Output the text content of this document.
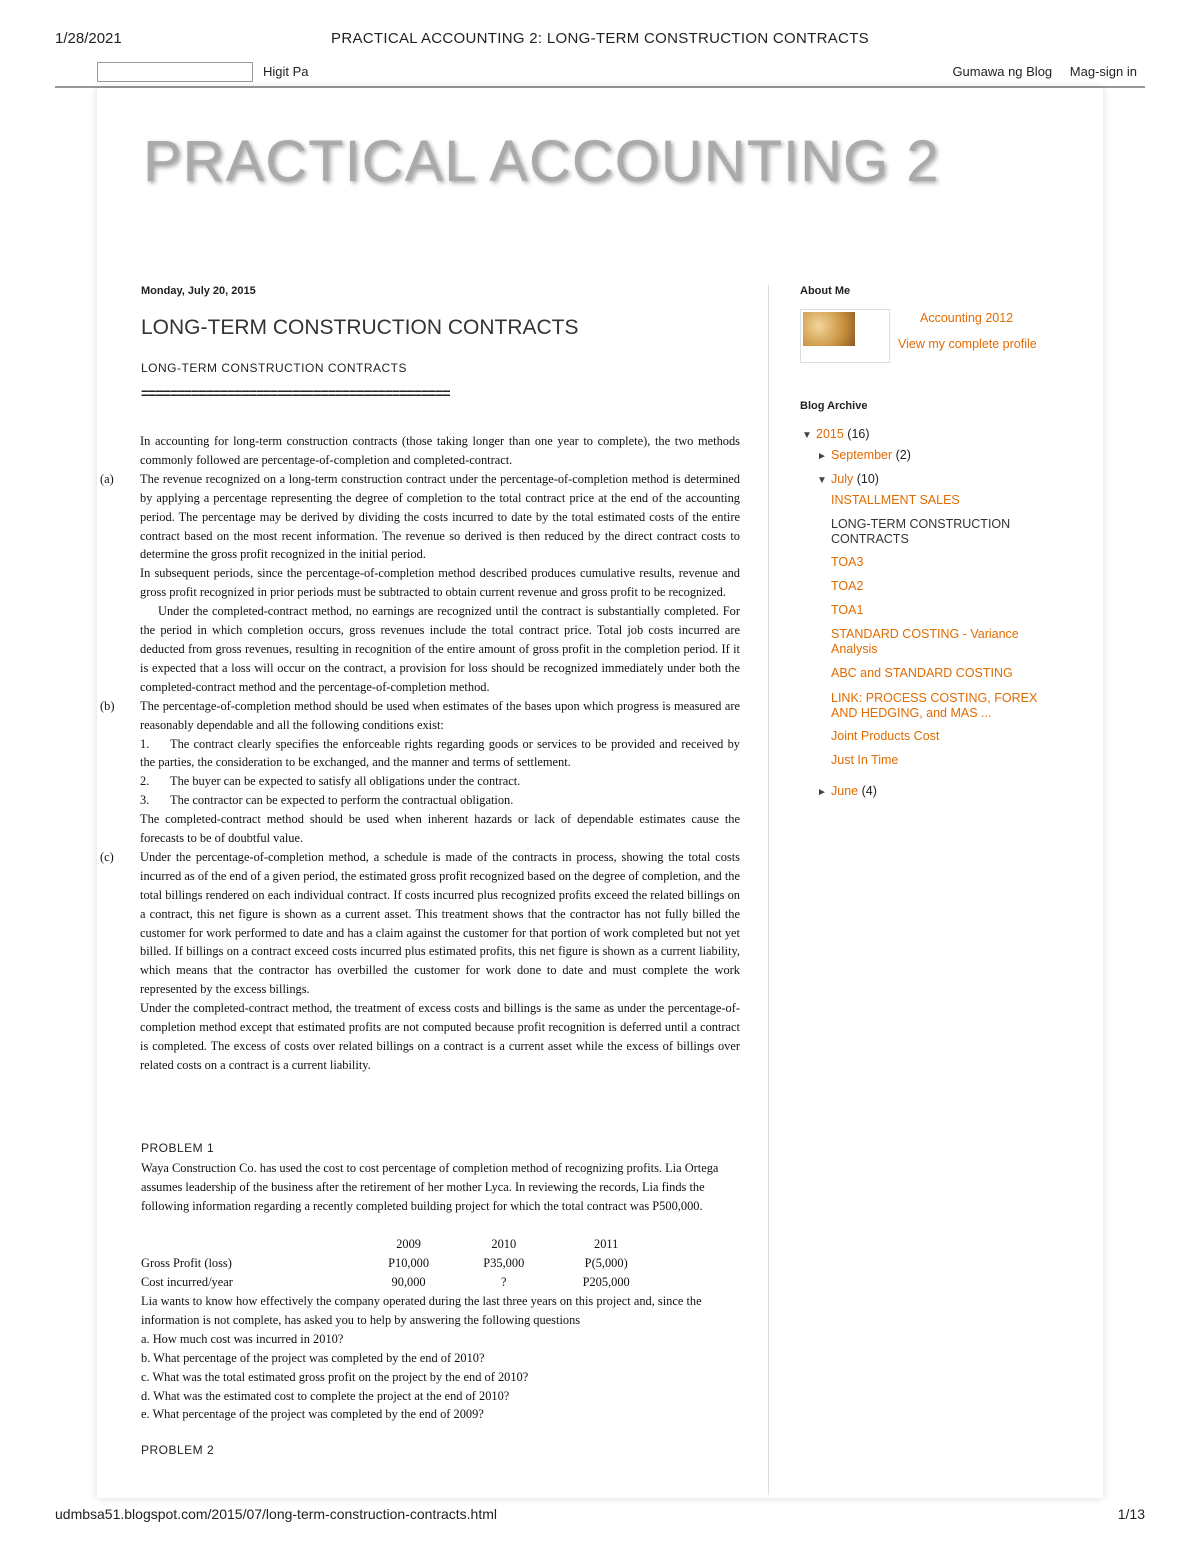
1/28/2021	PRACTICAL ACCOUNTING 2: LONG-TERM CONSTRUCTION CONTRACTS
Higit Pa	Gumawa ng Blog Mag-sign in
PRACTICAL ACCOUNTING 2
Monday, July 20, 2015
LONG-TERM CONSTRUCTION CONTRACTS
LONG-TERM CONSTRUCTION CONTRACTS
===========================================

In accounting for long-term construction contracts (those taking longer than one year to complete), the two methods commonly followed are percentage-of-completion and completed-contract.

(a) The revenue recognized on a long-term construction contract under the percentage-of-completion method is determined by applying a percentage representing the degree of completion to the total contract price at the end of the accounting period. The percentage may be derived by dividing the costs incurred to date by the total estimated costs of the entire contract based on the most recent information. The revenue so derived is then reduced by the direct contract costs to determine the gross profit recognized in the initial period.

In subsequent periods, since the percentage-of-completion method described produces cumulative results, revenue and gross profit recognized in prior periods must be subtracted to obtain current revenue and gross profit to be recognized.

Under the completed-contract method, no earnings are recognized until the contract is substantially completed. For the period in which completion occurs, gross revenues include the total contract price. Total job costs incurred are deducted from gross revenues, resulting in recognition of the entire amount of gross profit in the completion period. If it is expected that a loss will occur on the contract, a provision for loss should be recognized immediately under both the completed-contract method and the percentage-of-completion method.

(b) The percentage-of-completion method should be used when estimates of the bases upon which progress is measured are reasonably dependable and all the following conditions exist:

1. The contract clearly specifies the enforceable rights regarding goods or services to be provided and received by the parties, the consideration to be exchanged, and the manner and terms of settlement.
2. The buyer can be expected to satisfy all obligations under the contract.
3. The contractor can be expected to perform the contractual obligation.

The completed-contract method should be used when inherent hazards or lack of dependable estimates cause the forecasts to be of doubtful value.

(c) Under the percentage-of-completion method, a schedule is made of the contracts in process, showing the total costs incurred as of the end of a given period, the estimated gross profit recognized based on the degree of completion, and the total billings rendered on each individual contract. If costs incurred plus recognized profits exceed the related billings on a contract, this net figure is shown as a current asset. This treatment shows that the contractor has not fully billed the customer for work performed to date and has a claim against the customer for that portion of work completed but not yet billed. If billings on a contract exceed costs incurred plus estimated profits, this net figure is shown as a current liability, which means that the contractor has overbilled the customer for work done to date and must complete the work represented by the excess billings.

Under the completed-contract method, the treatment of excess costs and billings is the same as under the percentage-of-completion method except that estimated profits are not computed because profit recognition is deferred until a contract is completed. The excess of costs over related billings on a contract is a current asset while the excess of billings over related costs on a contract is a current liability.

PROBLEM 1
Waya Construction Co. has used the cost to cost percentage of completion method of recognizing profits. Lia Ortega assumes leadership of the business after the retirement of her mother Lyca. In reviewing the records, Lia finds the following information regarding a recently completed building project for which the total contract was P500,000.
	2009	2010	2011
Gross Profit (loss)	P10,000	P35,000	P(5,000)
Cost incurred/year	90,000	?	P205,000
Lia wants to know how effectively the company operated during the last three years on this project and, since the information is not complete, has asked you to help by answering the following questions
a. How much cost was incurred in 2010?
b. What percentage of the project was completed by the end of 2010?
c. What was the total estimated gross profit on the project by the end of 2010?
d. What was the estimated cost to complete the project at the end of 2010?
e. What percentage of the project was completed by the end of 2009?
PROBLEM 2
About Me
Accounting 2012
View my complete profile
Blog Archive
▼ 2015 (16)
► September (2)
▼ July (10)
INSTALLMENT SALES
LONG-TERM CONSTRUCTION CONTRACTS
TOA3
TOA2
TOA1
STANDARD COSTING - Variance Analysis
ABC and STANDARD COSTING
LINK: PROCESS COSTING, FOREX AND HEDGING, and MAS ...
Joint Products Cost
Just In Time
► June (4)
udmbsa51.blogspot.com/2015/07/long-term-construction-contracts.html	1/13
